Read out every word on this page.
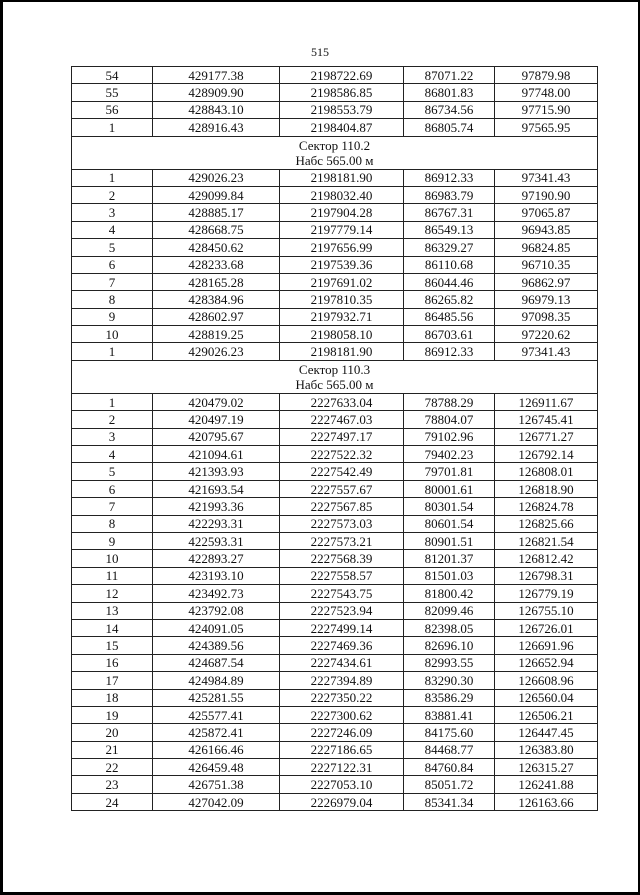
515
54	429177.38	2198722.69	87071.22	97879.98
55	428909.90	2198586.85	86801.83	97748.00
56	428843.10	2198553.79	86734.56	97715.90
1	428916.43	2198404.87	86805.74	97565.95

Сектор 110.2
Набс 565.00 м				

1	429026.23	2198181.90	86912.33	97341.43
2	429099.84	2198032.40	86983.79	97190.90
3	428885.17	2197904.28	86767.31	97065.87
4	428668.75	2197779.14	86549.13	96943.85
5	428450.62	2197656.99	86329.27	96824.85
6	428233.68	2197539.36	86110.68	96710.35
7	428165.28	2197691.02	86044.46	96862.97
8	428384.96	2197810.35	86265.82	96979.13
9	428602.97	2197932.71	86485.56	97098.35
10	428819.25	2198058.10	86703.61	97220.62
1	429026.23	2198181.90	86912.33	97341.43

Сектор 110.3
Набс 565.00 м				

1	420479.02	2227633.04	78788.29	126911.67
2	420497.19	2227467.03	78804.07	126745.41
3	420795.67	2227497.17	79102.96	126771.27
4	421094.61	2227522.32	79402.23	126792.14
5	421393.93	2227542.49	79701.81	126808.01
6	421693.54	2227557.67	80001.61	126818.90
7	421993.36	2227567.85	80301.54	126824.78
8	422293.31	2227573.03	80601.54	126825.66
9	422593.31	2227573.21	80901.51	126821.54
10	422893.27	2227568.39	81201.37	126812.42
11	423193.10	2227558.57	81501.03	126798.31
12	423492.73	2227543.75	81800.42	126779.19
13	423792.08	2227523.94	82099.46	126755.10
14	424091.05	2227499.14	82398.05	126726.01
15	424389.56	2227469.36	82696.10	126691.96
16	424687.54	2227434.61	82993.55	126652.94
17	424984.89	2227394.89	83290.30	126608.96
18	425281.55	2227350.22	83586.29	126560.04
19	425577.41	2227300.62	83881.41	126506.21
20	425872.41	2227246.09	84175.60	126447.45
21	426166.46	2227186.65	84468.77	126383.80
22	426459.48	2227122.31	84760.84	126315.27
23	426751.38	2227053.10	85051.72	126241.88
24	427042.09	2226979.04	85341.34	126163.66
